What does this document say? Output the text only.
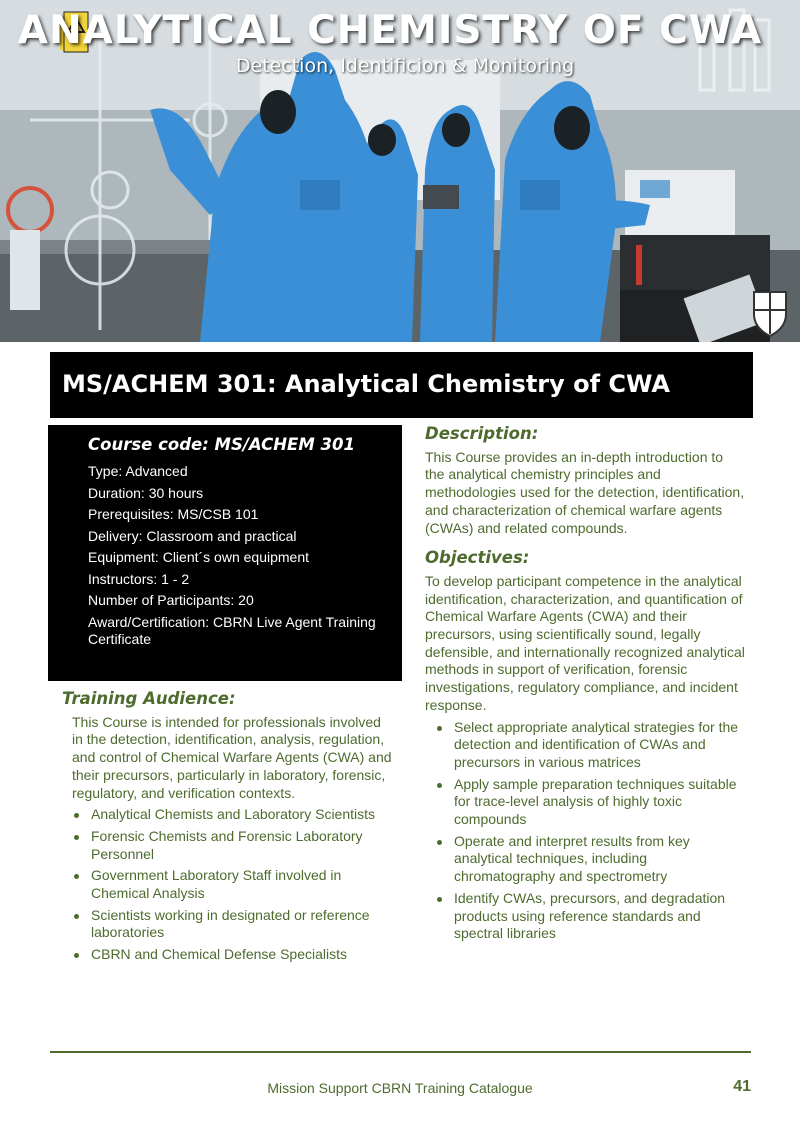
ANALYTICAL CHEMISTRY OF CWA
Detection, Identificion & Monitoring
MS/ACHEM 301: Analytical Chemistry of CWA
Course code: MS/ACHEM 301
Type: Advanced
Duration: 30 hours
Prerequisites: MS/CSB 101
Delivery: Classroom and practical
Equipment: Client´s own equipment
Instructors: 1 - 2
Number of Participants: 20
Award/Certification: CBRN Live Agent Training Certificate
Training Audience:
This Course is intended for professionals involved in the detection, identification, analysis, regulation, and control of Chemical Warfare Agents (CWA) and their precursors, particularly in laboratory, forensic, regulatory, and verification contexts.
Analytical Chemists and Laboratory Scientists
Forensic Chemists and Forensic Laboratory Personnel
Government Laboratory Staff involved in Chemical Analysis
Scientists working in designated or reference laboratories
CBRN and Chemical Defense Specialists
Description:
This Course provides an in-depth introduction to the analytical chemistry principles and methodologies used for the detection, identification, and characterization of chemical warfare agents (CWAs) and related compounds.
Objectives:
To develop participant competence in the analytical identification, characterization, and quantification of Chemical Warfare Agents (CWA) and their precursors, using scientifically sound, legally defensible, and internationally recognized analytical methods in support of verification, forensic investigations, regulatory compliance, and incident response.
Select appropriate analytical strategies for the detection and identification of CWAs and precursors in various matrices
Apply sample preparation techniques suitable for trace-level analysis of highly toxic compounds
Operate and interpret results from key analytical techniques, including chromatography and spectrometry
Identify CWAs, precursors, and degradation products using reference standards and spectral libraries
Mission Support CBRN Training Catalogue	41
